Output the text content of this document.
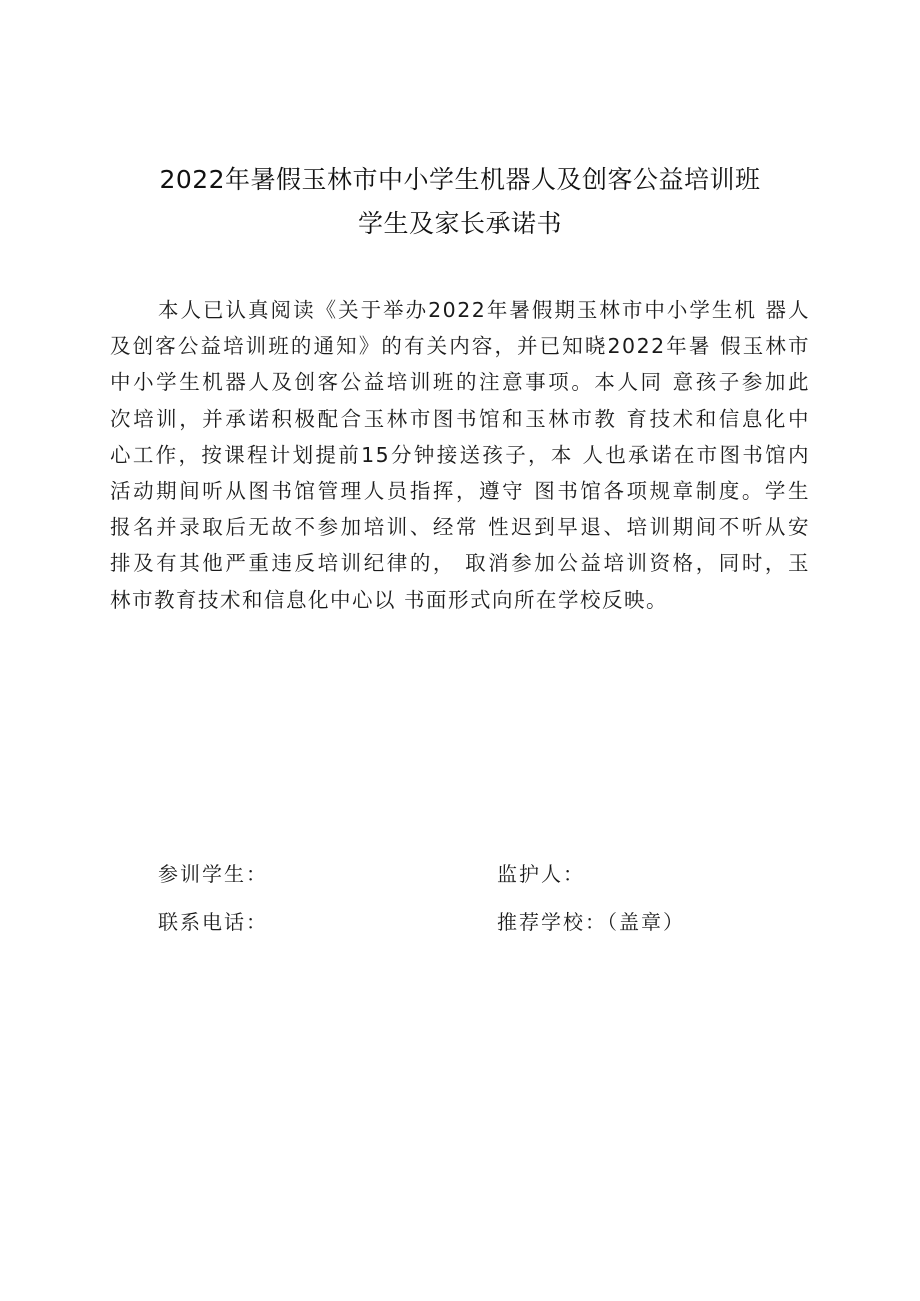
2022年暑假玉林市中小学生机器人及创客公益培训班
学生及家长承诺书
本人已认真阅读《关于举办2022年暑假期玉林市中小学生机 器人
及创客公益培训班的通知》的有关内容，并已知晓2022年暑 假玉林市
中小学生机器人及创客公益培训班的注意事项。本人同 意孩子参加此
次培训，并承诺积极配合玉林市图书馆和玉林市教 育技术和信息化中
心工作，按课程计划提前15分钟接送孩子，本 人也承诺在市图书馆内
活动期间听从图书馆管理人员指挥，遵守 图书馆各项规章制度。学生
报名并录取后无故不参加培训、经常 性迟到早退、培训期间不听从安
排及有其他严重违反培训纪律的， 取消参加公益培训资格，同时，玉
林市教育技术和信息化中心以 书面形式向所在学校反映。
参训学生：	监护人：
联系电话：	推荐学校：（盖章）
